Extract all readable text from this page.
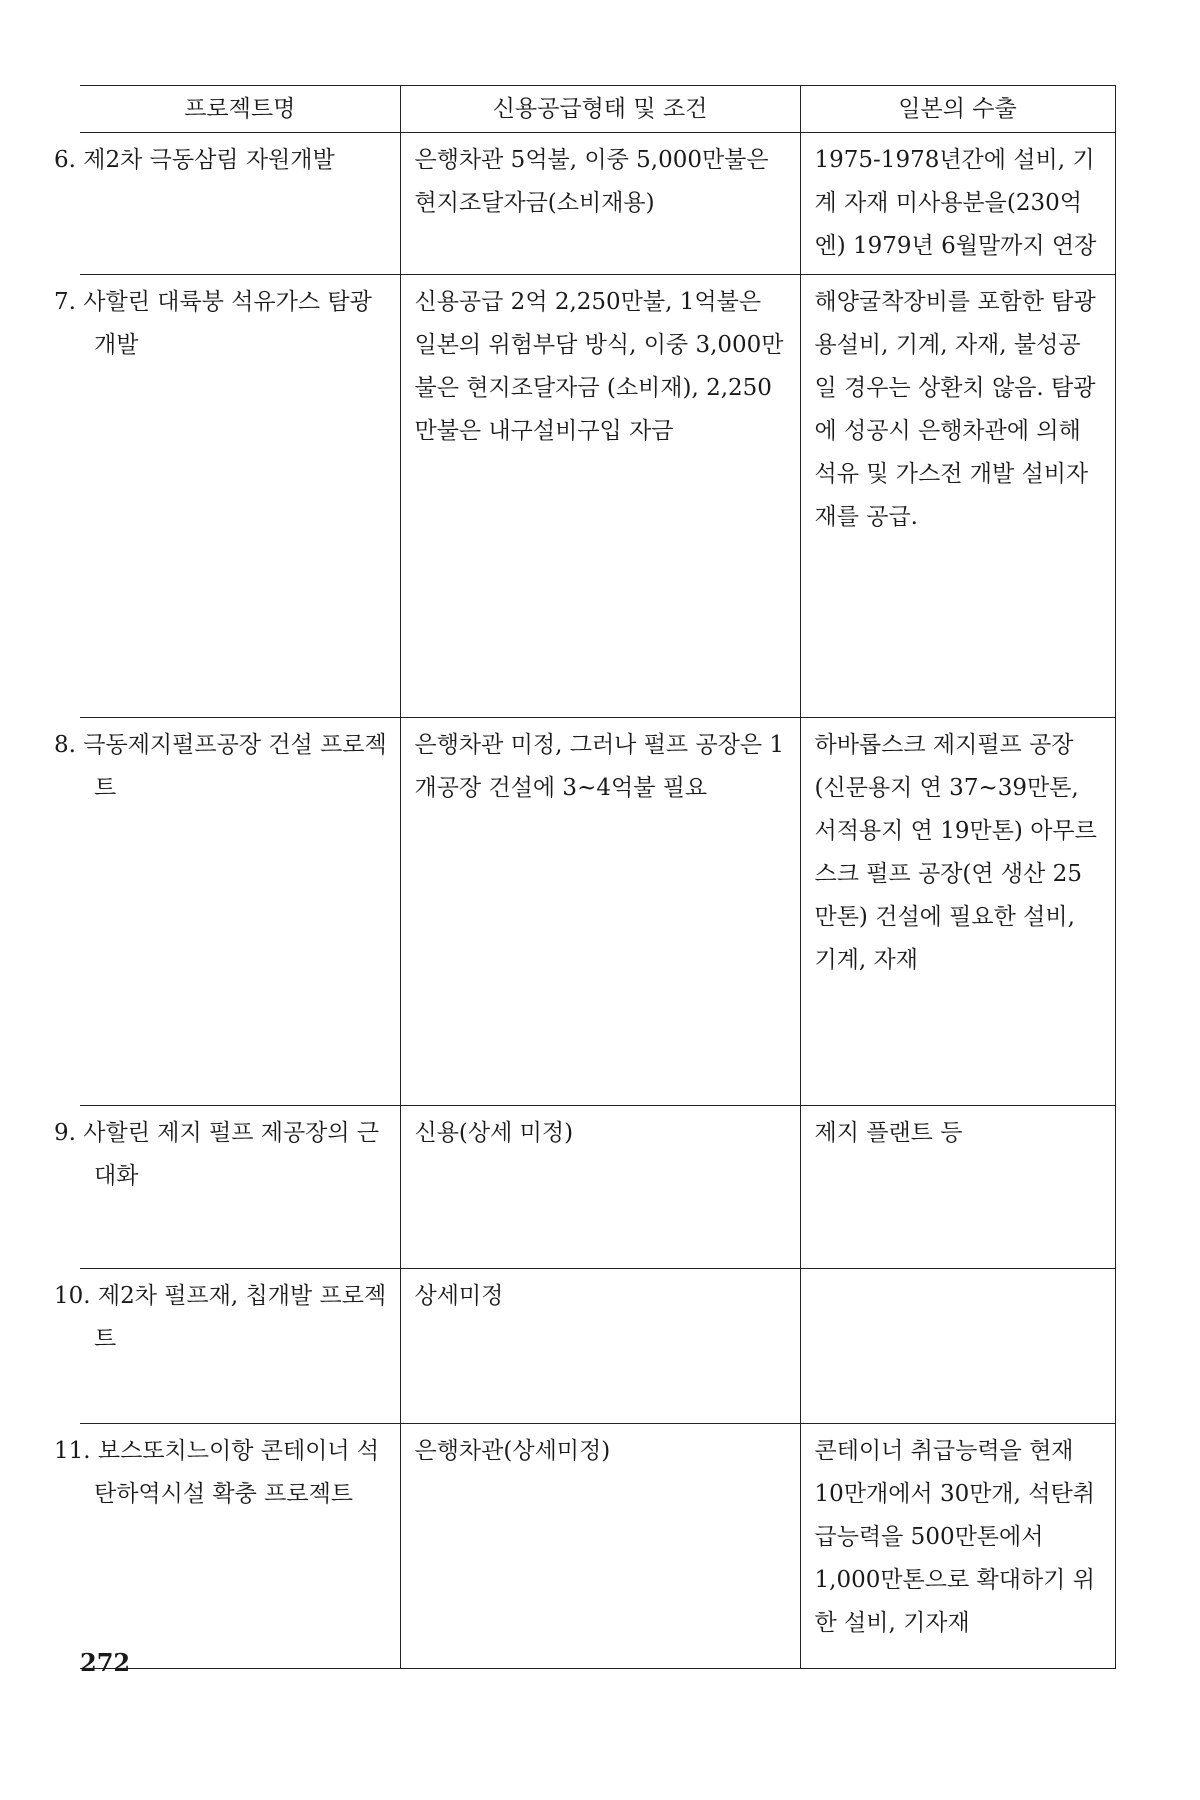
프로젝트명	신용공급형태 및 조건	일본의 수출
6. 제2차 극동삼림 자원개발	은행차관 5억불, 이중 5,000만불은 현지조달자금(소비재용)	1975-1978년간에 설비, 기계 자재 미사용분을(230억엔) 1979년 6월말까지 연장
7. 사할린 대륙붕 석유가스 탐광 개발	신용공급 2억 2,250만불, 1억불은 일본의 위험부담 방식, 이중 3,000만불은 현지조달자금 (소비재), 2,250만불은 내구설비구입 자금	해양굴착장비를 포함한 탐광용설비, 기계, 자재, 불성공일 경우는 상환치 않음. 탐광에 성공시 은행차관에 의해 석유 및 가스전 개발 설비자재를 공급.
8. 극동제지펄프공장 건설 프로젝트	은행차관 미정, 그러나 펄프 공장은 1개공장 건설에 3~4억불 필요	하바롭스크 제지펄프 공장(신문용지 연 37~39만톤, 서적용지 연 19만톤) 아무르스크 펄프 공장(연 생산 25만톤) 건설에 필요한 설비, 기계, 자재
9. 사할린 제지 펄프 제공장의 근대화	신용(상세 미정)	제지 플랜트 등
10. 제2차 펄프재, 칩개발 프로젝트	상세미정	
11. 보스또치느이항 콘테이너 석탄하역시설 확충 프로젝트	은행차관(상세미정)	콘테이너 취급능력을 현재 10만개에서 30만개, 석탄취급능력을 500만톤에서 1,000만톤으로 확대하기 위한 설비, 기자재
272
